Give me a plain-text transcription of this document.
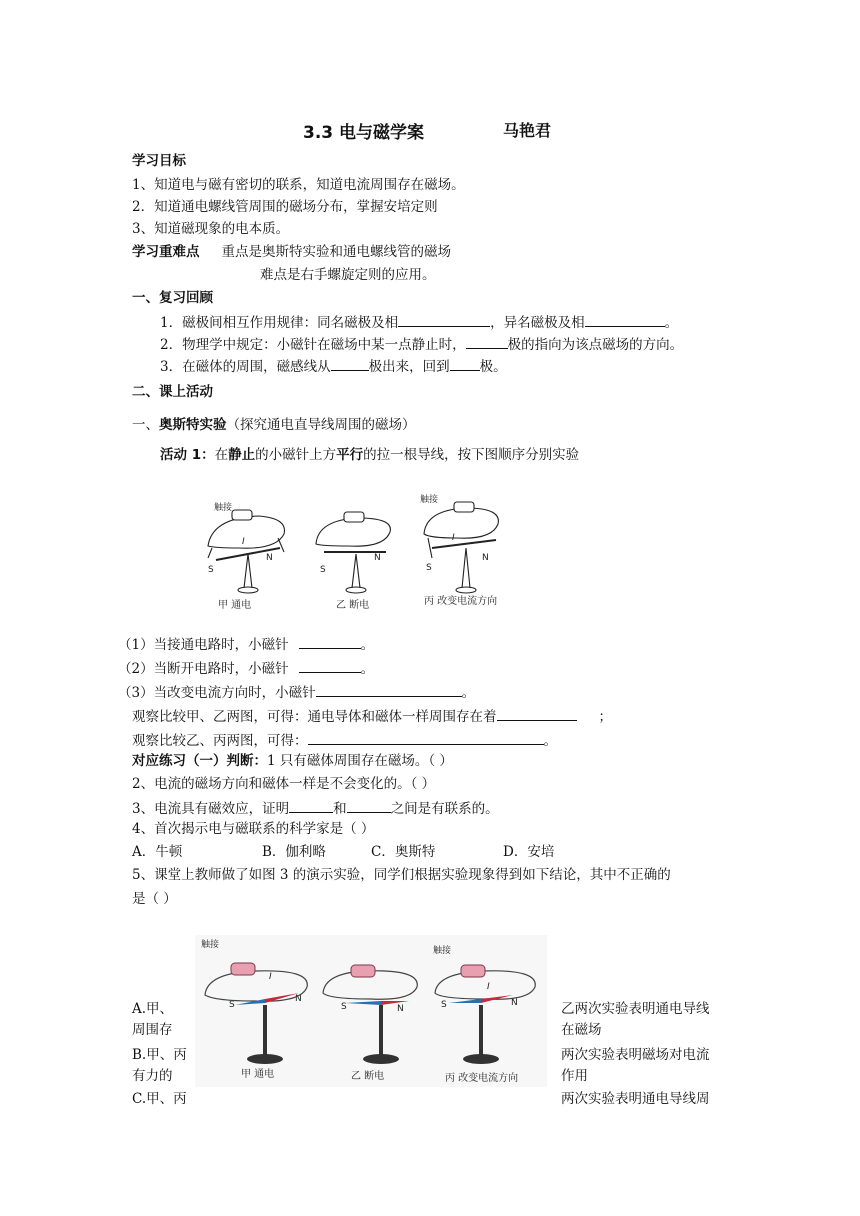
3.3 电与磁学案	马艳君
学习目标
1、知道电与磁有密切的联系，知道电流周围存在磁场。
2．知道通电螺线管周围的磁场分布，掌握安培定则
3、知道磁现象的电本质。
学习重难点 重点是奥斯特实验和通电螺线管的磁场
难点是右手螺旋定则的应用。
一、复习回顾
1．磁极间相互作用规律：同名磁极及相	，异名磁极及相	。
2．物理学中规定：小磁针在磁场中某一点静止时，	极的指向为该点磁场的方向。
3．在磁体的周围，磁感线从	极出来，回到 极。
二、课上活动
一、奥斯特实验（探究通电直导线周围的磁场）
活动 1：在静止的小磁针上方平行的拉一根导线，按下图顺序分别实验
触接
S
N
I
甲 通电
S
N
乙 断电
触接
S
N
I
丙 改变电流方向
（1）当接通电路时，小磁针	。
（2）当断开电路时，小磁针	。
（3）当改变电流方向时，小磁针	。
观察比较甲、乙两图，可得：通电导体和磁体一样周围存在着	；
观察比较乙、丙两图，可得：	。
对应练习（一）判断：1 只有磁体周围存在磁场。（ ）
2、电流的磁场方向和磁体一样是不会变化的。（ ）
3、电流具有磁效应，证明	和	之间是有联系的。
4、首次揭示电与磁联系的科学家是（ ）
A．牛顿	B．伽利略	C．奥斯特	D．安培
5、课堂上教师做了如图 3 的演示实验，同学们根据实验现象得到如下结论，其中不正确的
是（ ）
A.甲、
周围存
B.甲、丙
有力的
C.甲、丙
乙两次实验表明通电导线
在磁场
两次实验表明磁场对电流
作用
两次实验表明通电导线周
触接
S
N
I
甲 通电
S	N
乙 断电
触接
S	N
I
丙 改变电流方向
